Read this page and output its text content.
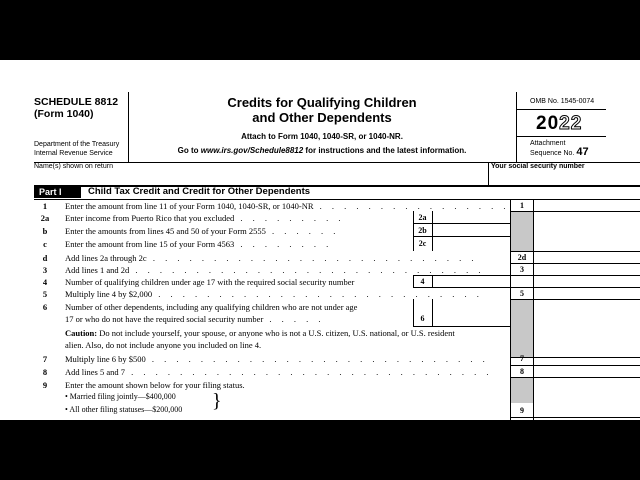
SCHEDULE 8812
(Form 1040)
Department of the Treasury
Internal Revenue Service
Credits for Qualifying Children
and Other Dependents
Attach to Form 1040, 1040-SR, or 1040-NR.
Go to www.irs.gov/Schedule8812 for instructions and the latest information.
OMB No. 1545-0074
2022
Attachment
Sequence No. 47
Name(s) shown on return	Your social security number
Part I	Child Tax Credit and Credit for Other Dependents
1	Enter the amount from line 11 of your Form 1040, 1040-SR, or 1040-NR . . . . . . . . . . . . . . . .	1
2a	Enter income from Puerto Rico that you excluded . . . . . . . . .	2a
b	Enter the amounts from lines 45 and 50 of your Form 2555 . . . . . .	2b
c	Enter the amount from line 15 of your Form 4563 . . . . . . . .	2c
d	Add lines 2a through 2c . . . . . . . . . . . . . . . . . . . . . . . . . . .	2d
3	Add lines 1 and 2d . . . . . . . . . . . . . . . . . . . . . . . . . . . . .	3
4	Number of qualifying children under age 17 with the required social security number	4
5	Multiply line 4 by $2,000 . . . . . . . . . . . . . . . . . . . . . . . . . . .	5
6	Number of other dependents, including any qualifying children who are not under age
17 or who do not have the required social security number . . . . .	6
Caution: Do not include yourself, your spouse, or anyone who is not a U.S. citizen, U.S. national, or U.S. resident
alien. Also, do not include anyone you included on line 4.
7	Multiply line 6 by $500 . . . . . . . . . . . . . . . . . . . . . . . . . . . .	7
8	Add lines 5 and 7 . . . . . . . . . . . . . . . . . . . . . . . . . . . . . .	8
9	Enter the amount shown below for your filing status.
• Married filing jointly—$400,000
• All other filing statuses—$200,000 }	9
